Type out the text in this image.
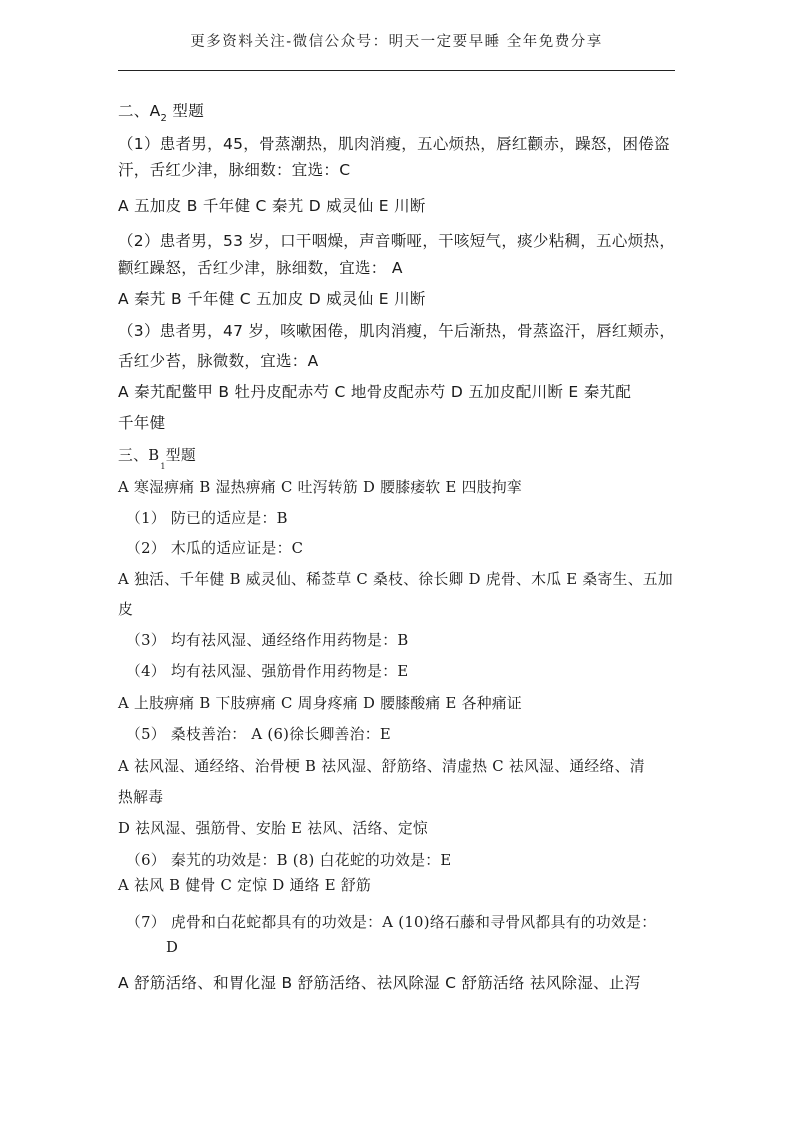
更多资料关注-微信公众号：明天一定要早睡 全年免费分享
二、$A_2$ 型题
（1）患者男，45，骨蒸潮热，肌肉消瘦，五心烦热，唇红颧赤，躁怒，困倦盗
汗，舌红少津，脉细数：宜选：C
A 五加皮 B 千年健 C 秦艽 D 威灵仙 E 川断
（2）患者男，53 岁，口干咽燥，声音嘶哑，干咳短气，痰少粘稠，五心烦热，
颧红躁怒，舌红少津，脉细数，宜选： A
A 秦艽 B 千年健 C 五加皮 D 威灵仙 E 川断
（3）患者男，47 岁，咳嗽困倦，肌肉消瘦，午后渐热，骨蒸盗汗，唇红颊赤，
舌红少苔，脉微数，宜选：A
A 秦艽配鳖甲 B 牡丹皮配赤芍 C 地骨皮配赤芍 D 五加皮配川断 E 秦艽配
千年健
三、$B_1$型题
A 寒湿痹痛 B 湿热痹痛 C 吐泻转筋 D 腰膝痿软 E 四肢拘挛
（1） 防已的适应是：B
（2） 木瓜的适应证是：C
A 独活、千年健 B 威灵仙、稀莶草 C 桑枝、徐长卿 D 虎骨、木瓜 E 桑寄生、五加
皮
（3） 均有祛风湿、通经络作用药物是：B
（4） 均有祛风湿、强筋骨作用药物是：E
A 上肢痹痛 B 下肢痹痛 C 周身疼痛 D 腰膝酸痛 E 各种痛证
（5） 桑枝善治： A (6)徐长卿善治：E
A 祛风湿、通经络、治骨梗 B 祛风湿、舒筋络、清虚热 C 祛风湿、通经络、清
热解毒
D 祛风湿、强筋骨、安胎 E 祛风、活络、定惊
（6） 秦艽的功效是：B (8) 白花蛇的功效是：E
A 祛风 B 健骨 C 定惊 D 通络 E 舒筋
（7） 虎骨和白花蛇都具有的功效是：A (10)络石藤和寻骨风都具有的功效是：
D
A 舒筋活络、和胃化湿 B 舒筋活络、祛风除湿 C 舒筋活络 祛风除湿、止泻
